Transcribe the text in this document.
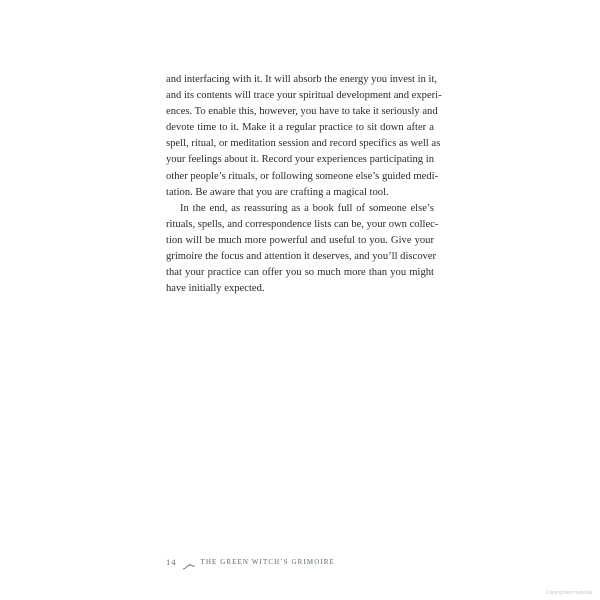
and interfacing with it. It will absorb the energy you invest in it,
and its contents will trace your spiritual development and experi-
ences. To enable this, however, you have to take it seriously and
devote time to it. Make it a regular practice to sit down after a
spell, ritual, or meditation session and record specifics as well as
your feelings about it. Record your experiences participating in
other people’s rituals, or following someone else’s guided medi-
tation. Be aware that you are crafting a magical tool.

In the end, as reassuring as a book full of someone else’s
rituals, spells, and correspondence lists can be, your own collec-
tion will be much more powerful and useful to you. Give your
grimoire the focus and attention it deserves, and you’ll discover
that your practice can offer you so much more than you might
have initially expected.

14	THE GREEN WITCH’S GRIMOIRE
Copyrighted material
